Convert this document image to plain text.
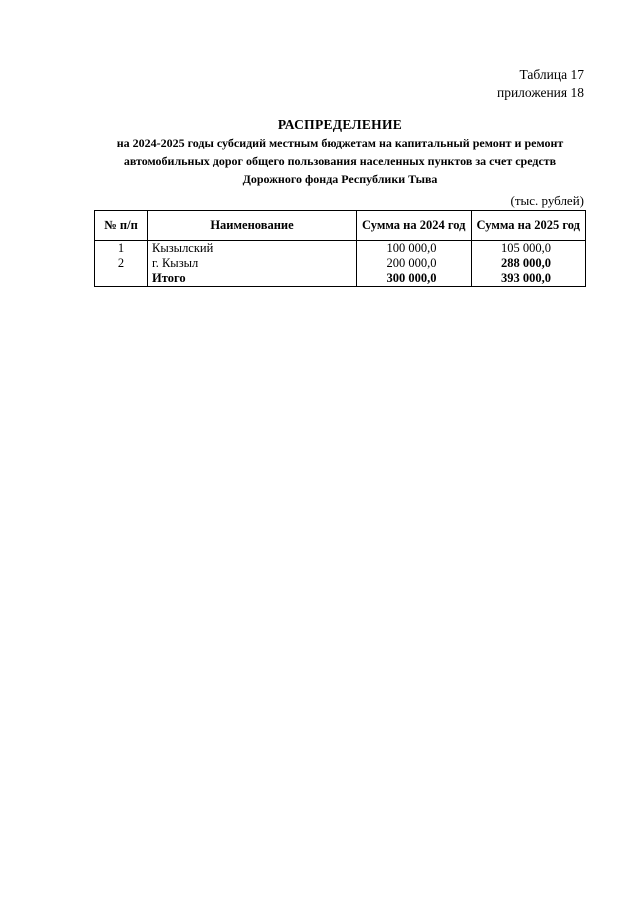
Таблица 17
приложения 18
РАСПРЕДЕЛЕНИЕ
на 2024-2025 годы субсидий местным бюджетам на капитальный ремонт и ремонт
автомобильных дорог общего пользования населенных пунктов за счет средств
Дорожного фонда Республики Тыва
(тыс. рублей)
№ п/п	Наименование	Сумма на 2024 год	Сумма на 2025 год
1	Кызылский	100 000,0	105 000,0
2	г. Кызыл	200 000,0	288 000,0
	Итого	300 000,0	393 000,0
